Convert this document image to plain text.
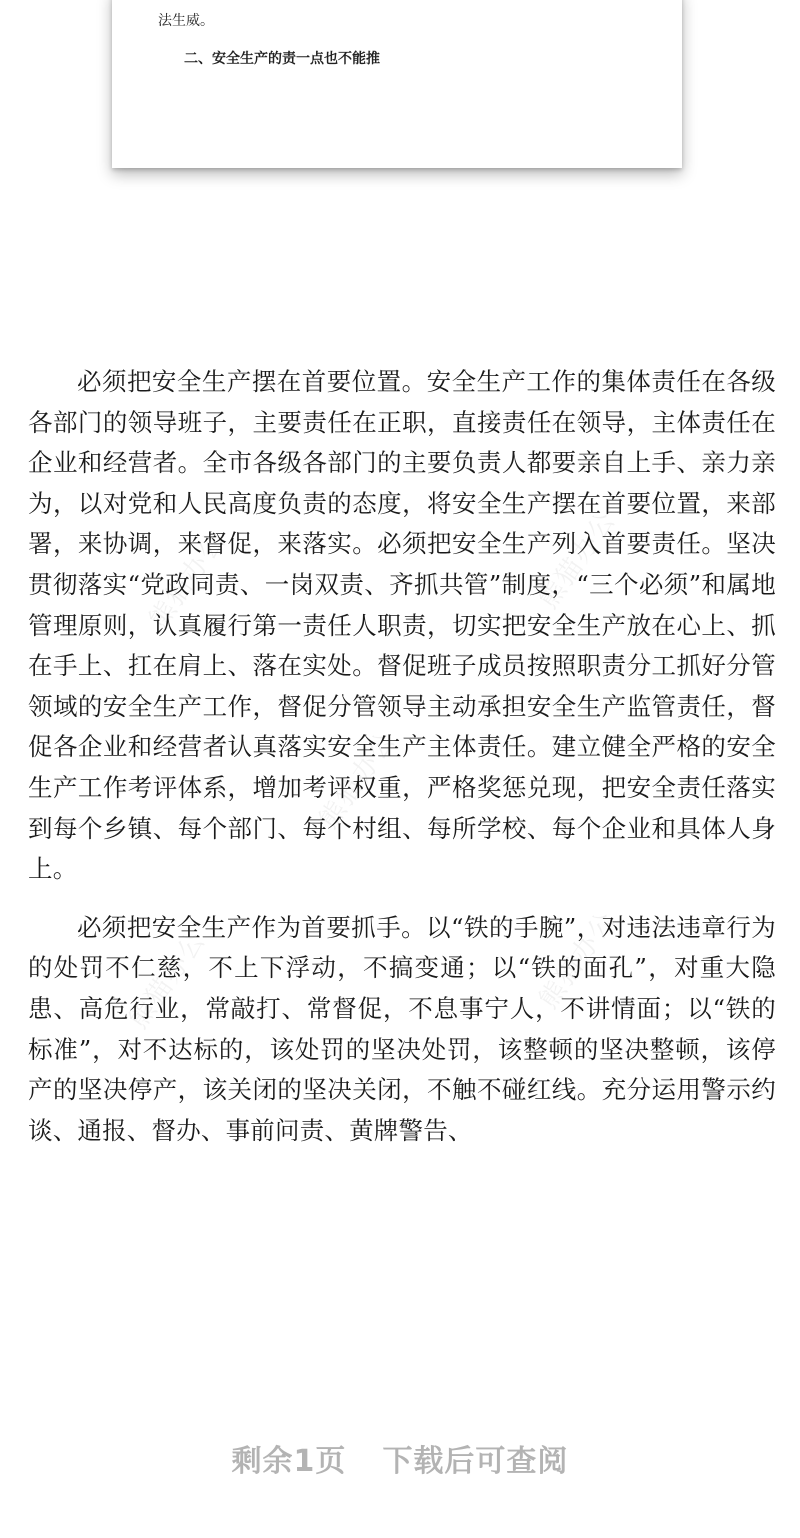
法生威。
二、安全生产的责一点也不能推
熊猫办公	熊猫办公
熊猫办公
熊猫办公	熊猫办公

必须把安全生产摆在首要位置。安全生产工作的集体责任在各级各部门的领导班子，主要责任在正职，直接责任在领导，主体责任在企业和经营者。全市各级各部门的主要负责人都要亲自上手、亲力亲为，以对党和人民高度负责的态度，将安全生产摆在首要位置，来部署，来协调，来督促，来落实。必须把安全生产列入首要责任。坚决贯彻落实“党政同责、一岗双责、齐抓共管”制度，“三个必须”和属地管理原则，认真履行第一责任人职责，切实把安全生产放在心上、抓在手上、扛在肩上、落在实处。督促班子成员按照职责分工抓好分管领域的安全生产工作，督促分管领导主动承担安全生产监管责任，督促各企业和经营者认真落实安全生产主体责任。建立健全严格的安全生产工作考评体系，增加考评权重，严格奖惩兑现，把安全责任落实到每个乡镇、每个部门、每个村组、每所学校、每个企业和具体人身上。

必须把安全生产作为首要抓手。以“铁的手腕”，对违法违章行为的处罚不仁慈，不上下浮动，不搞变通；以“铁的面孔”，对重大隐患、高危行业，常敲打、常督促，不息事宁人，不讲情面；以“铁的标准”，对不达标的，该处罚的坚决处罚，该整顿的坚决整顿，该停产的坚决停产，该关闭的坚决关闭，不触不碰红线。充分运用警示约谈、通报、督办、事前问责、黄牌警告、

剩余1页 下载后可查阅
